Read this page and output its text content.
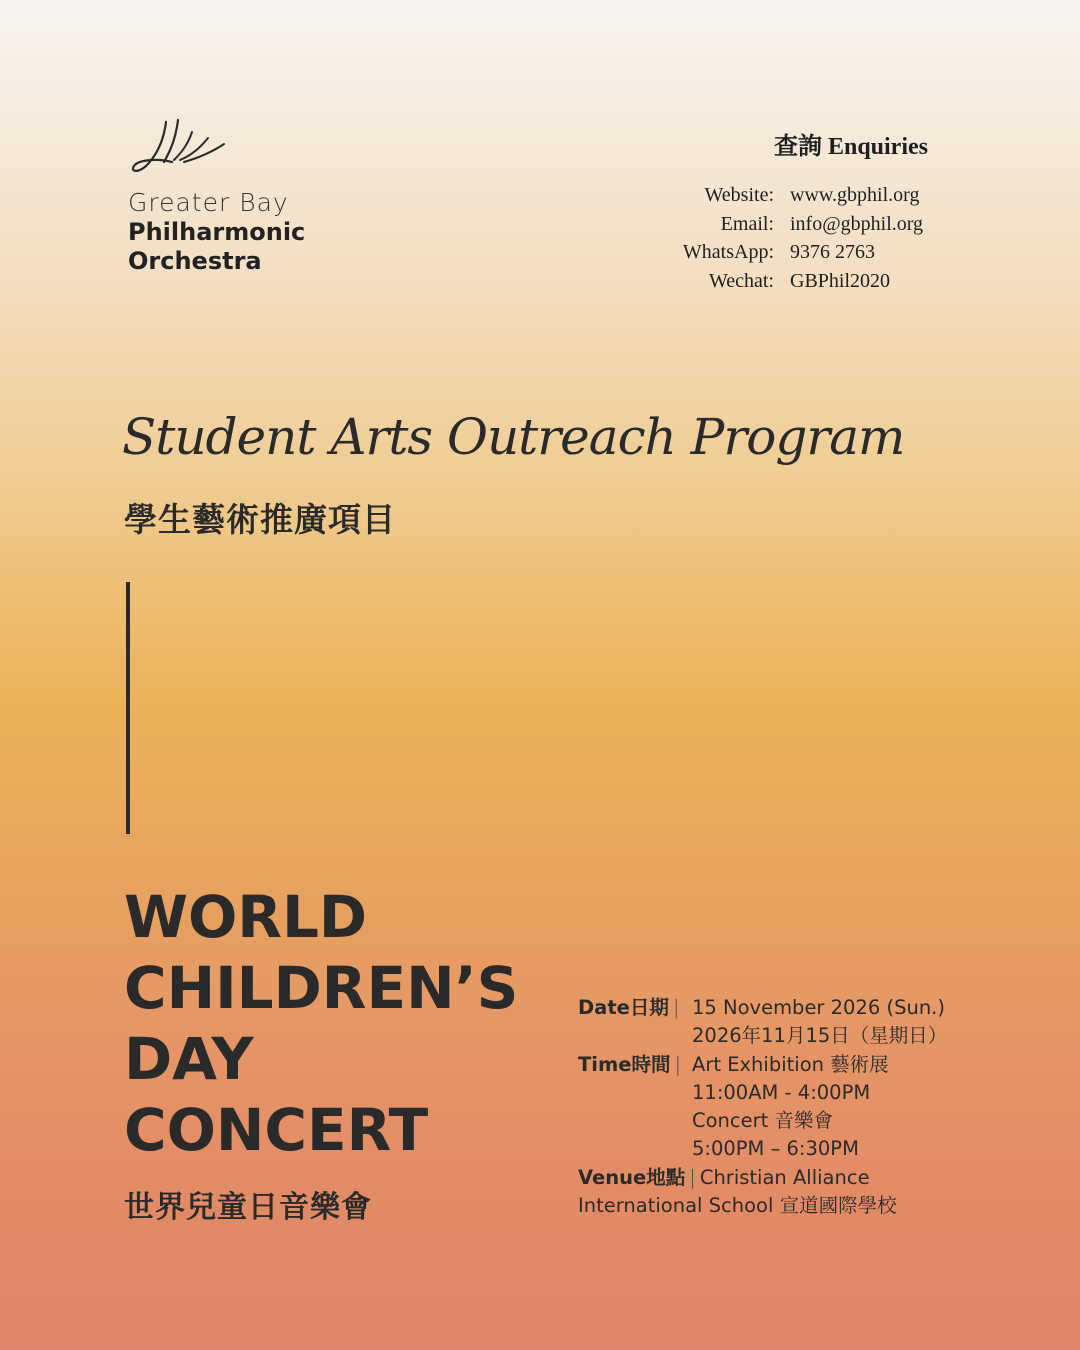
Greater Bay
Philharmonic
Orchestra
查詢 Enquiries
Website: www.gbphil.org
Email: info@gbphil.org
WhatsApp: 9376 2763
Wechat: GBPhil2020
Student Arts Outreach Program
學生藝術推廣項目
WORLD
CHILDREN’S
DAY
CONCERT
世界兒童日音樂會
Date日期 | 15 November 2026 (Sun.)
2026年11月15日（星期日）
Time時間 | Art Exhibition 藝術展
11:00AM - 4:00PM
Concert 音樂會
5:00PM – 6:30PM
Venue地點 | Christian Alliance
International School 宣道國際學校
